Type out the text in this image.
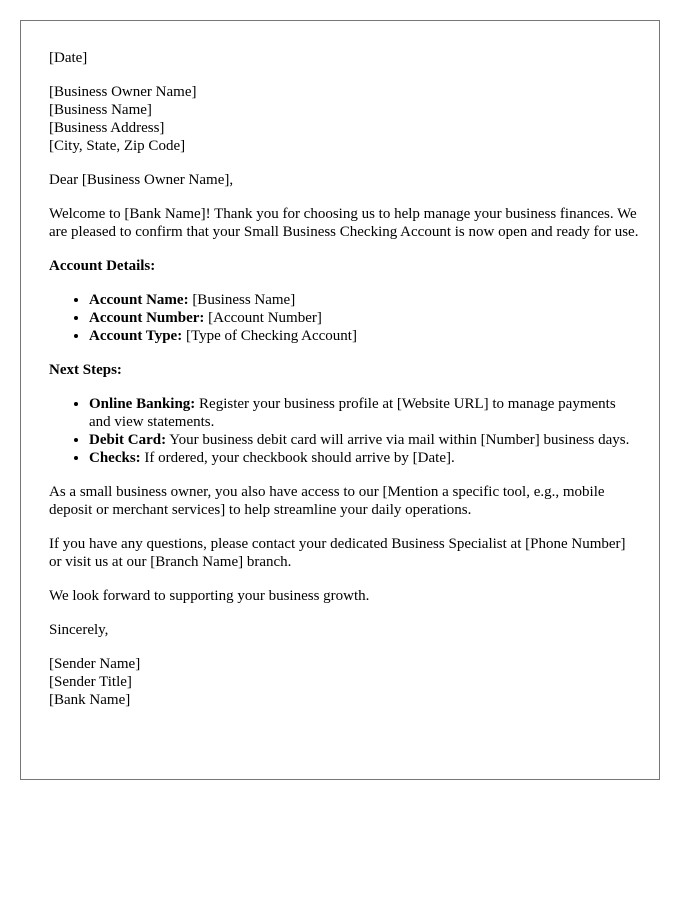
[Date]

[Business Owner Name]
[Business Name]
[Business Address]
[City, State, Zip Code]

Dear [Business Owner Name],

Welcome to [Bank Name]! Thank you for choosing us to help manage your business finances. We are pleased to confirm that your Small Business Checking Account is now open and ready for use.

Account Details:
• Account Name: [Business Name]
• Account Number: [Account Number]
• Account Type: [Type of Checking Account]
Next Steps:
• Online Banking: Register your business profile at [Website URL] to manage payments and view statements.
• Debit Card: Your business debit card will arrive via mail within [Number] business days.
• Checks: If ordered, your checkbook should arrive by [Date].

As a small business owner, you also have access to our [Mention a specific tool, e.g., mobile deposit or merchant services] to help streamline your daily operations.

If you have any questions, please contact your dedicated Business Specialist at [Phone Number] or visit us at our [Branch Name] branch.

We look forward to supporting your business growth.

Sincerely,

[Sender Name]
[Sender Title]
[Bank Name]
